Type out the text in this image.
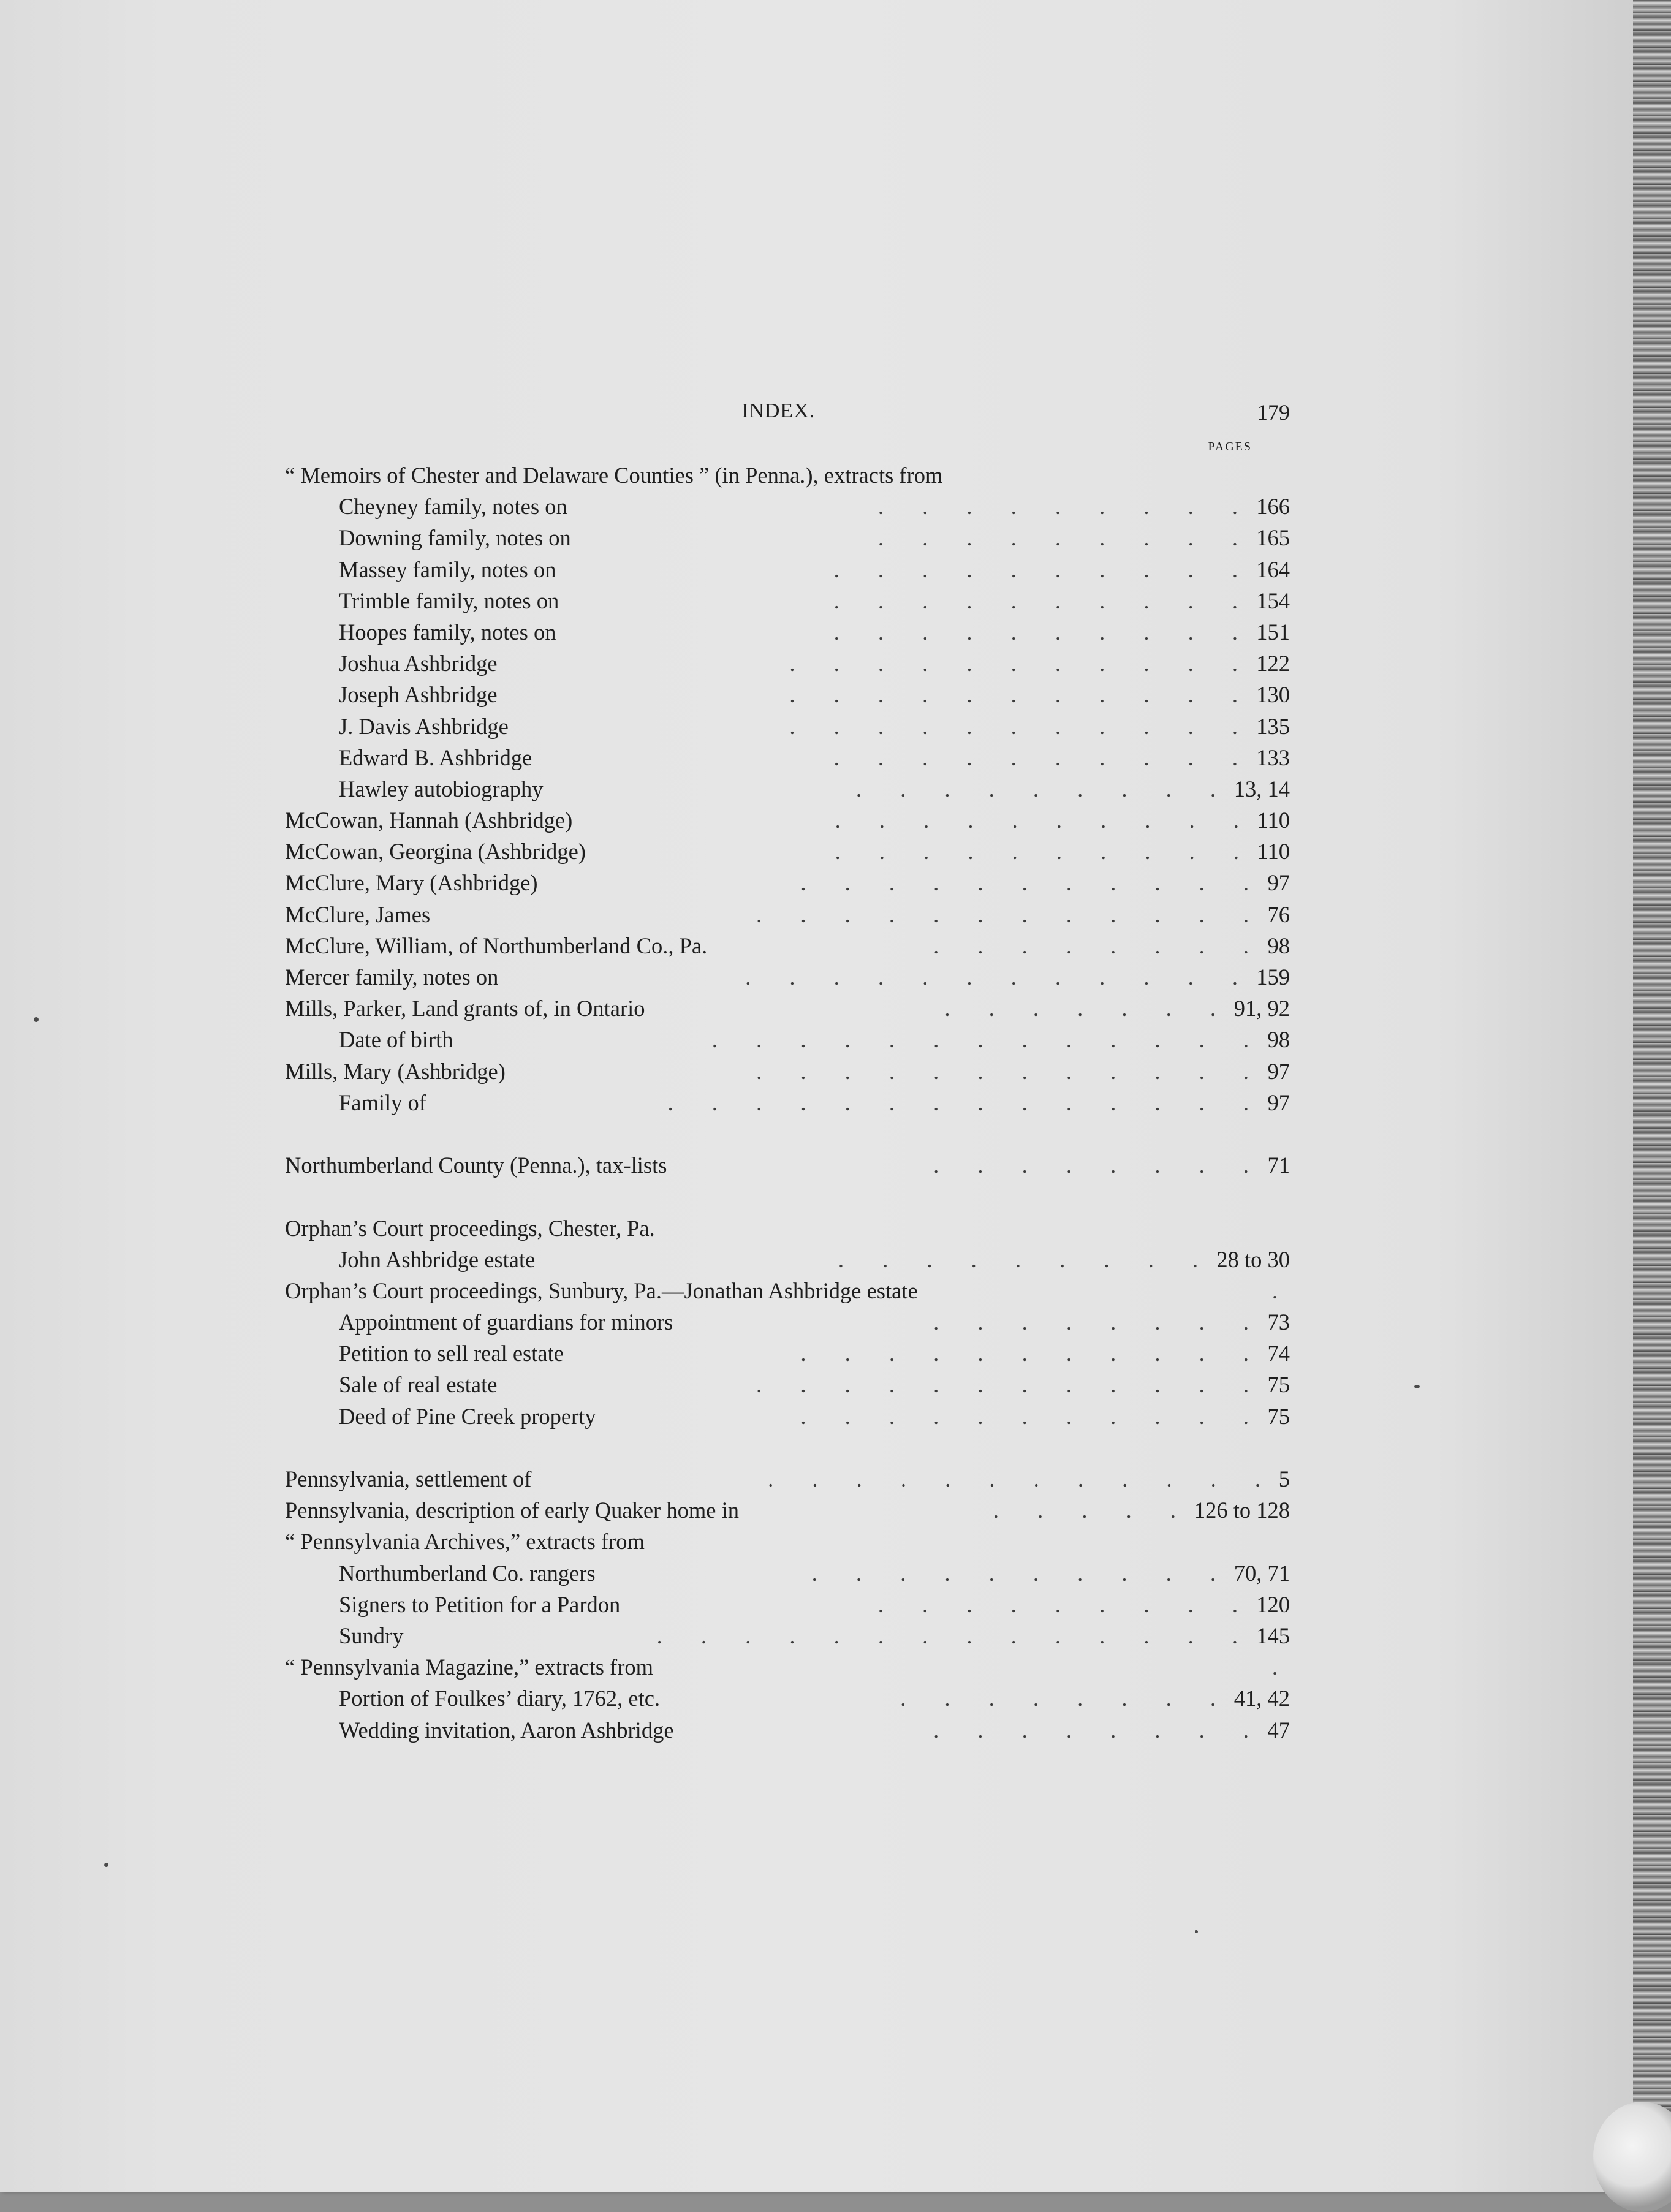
INDEX.	179
PAGES
“ Memoirs of Chester and Delaware Counties ” (in Penna.), extracts from
Cheyney family, notes on	. . . . . . . . . 166
Downing family, notes on	. . . . . . . . . 165
Massey family, notes on	. . . . . . . . . . 164
Trimble family, notes on	. . . . . . . . . . 154
Hoopes family, notes on	. . . . . . . . . . 151
Joshua Ashbridge	. . . . . . . . . . . 122
Joseph Ashbridge	. . . . . . . . . . . 130
J. Davis Ashbridge	. . . . . . . . . . . 135
Edward B. Ashbridge	. . . . . . . . . . 133
Hawley autobiography	. . . . . . . . . 13, 14
McCowan, Hannah (Ashbridge)	. . . . . . . . . . 110
McCowan, Georgina (Ashbridge)	. . . . . . . . . . 110
McClure, Mary (Ashbridge)	. . . . . . . . . . . 97
McClure, James	. . . . . . . . . . . . 76
McClure, William, of Northumberland Co., Pa.	. . . . . . . . 98
Mercer family, notes on	. . . . . . . . . . . . 159
Mills, Parker, Land grants of, in Ontario	. . . . . . . 91, 92
Date of birth	. . . . . . . . . . . . . 98
Mills, Mary (Ashbridge)	. . . . . . . . . . . . 97
Family of	. . . . . . . . . . . . . . 97
Northumberland County (Penna.), tax-lists	. . . . . . . . 71
Orphan’s Court proceedings, Chester, Pa.
John Ashbridge estate	. . . . . . . . . 28 to 30
Orphan’s Court proceedings, Sunbury, Pa.—Jonathan Ashbridge estate	.
Appointment of guardians for minors	. . . . . . . . 73
Petition to sell real estate	. . . . . . . . . . . 74
Sale of real estate	. . . . . . . . . . . . 75
Deed of Pine Creek property	. . . . . . . . . . . 75
Pennsylvania, settlement of	. . . . . . . . . . . . 5
Pennsylvania, description of early Quaker home in	. . . . . 126 to 128
“ Pennsylvania Archives,” extracts from
Northumberland Co. rangers	. . . . . . . . . . 70, 71
Signers to Petition for a Pardon	. . . . . . . . . 120
Sundry	. . . . . . . . . . . . . . 145
“ Pennsylvania Magazine,” extracts from	.
Portion of Foulkes’ diary, 1762, etc.	. . . . . . . . 41, 42
Wedding invitation, Aaron Ashbridge	. . . . . . . . 47
